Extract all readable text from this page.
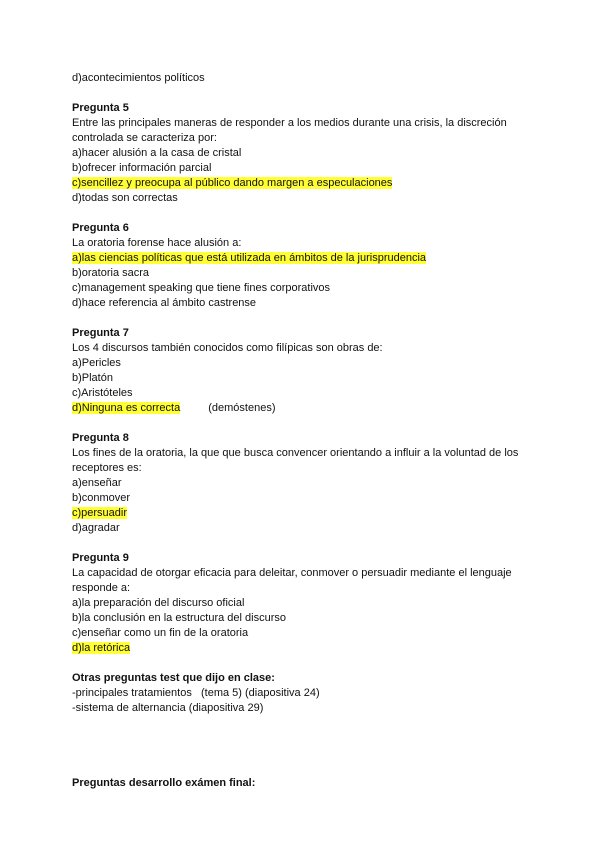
d)acontecimientos políticos
Pregunta 5
Entre las principales maneras de responder a los medios durante una crisis, la discreción controlada se caracteriza por:
a)hacer alusión a la casa de cristal
b)ofrecer información parcial
c)sencillez y preocupa al público dando margen a especulaciones
d)todas son correctas
Pregunta 6
La oratoria forense hace alusión a:
a)las ciencias políticas que está utilizada en ámbitos de la jurisprudencia
b)oratoria sacra
c)management speaking que tiene fines corporativos
d)hace referencia al ámbito castrense
Pregunta 7
Los 4 discursos también conocidos como filípicas son obras de:
a)Pericles
b)Platón
c)Aristóteles
d)Ninguna es correcta	(demóstenes)
Pregunta 8
Los fines de la oratoria, la que que busca convencer orientando a influir a la voluntad de los receptores es:
a)enseñar
b)conmover
c)persuadir
d)agradar
Pregunta 9
La capacidad de otorgar eficacia para deleitar, conmover o persuadir mediante el lenguaje responde a:
a)la preparación del discurso oficial
b)la conclusión en la estructura del discurso
c)enseñar como un fin de la oratoria
d)la retórica
Otras preguntas test que dijo en clase:
-principales tratamientos   (tema 5) (diapositiva 24)
-sistema de alternancia (diapositiva 29)
Preguntas desarrollo exámen final:
